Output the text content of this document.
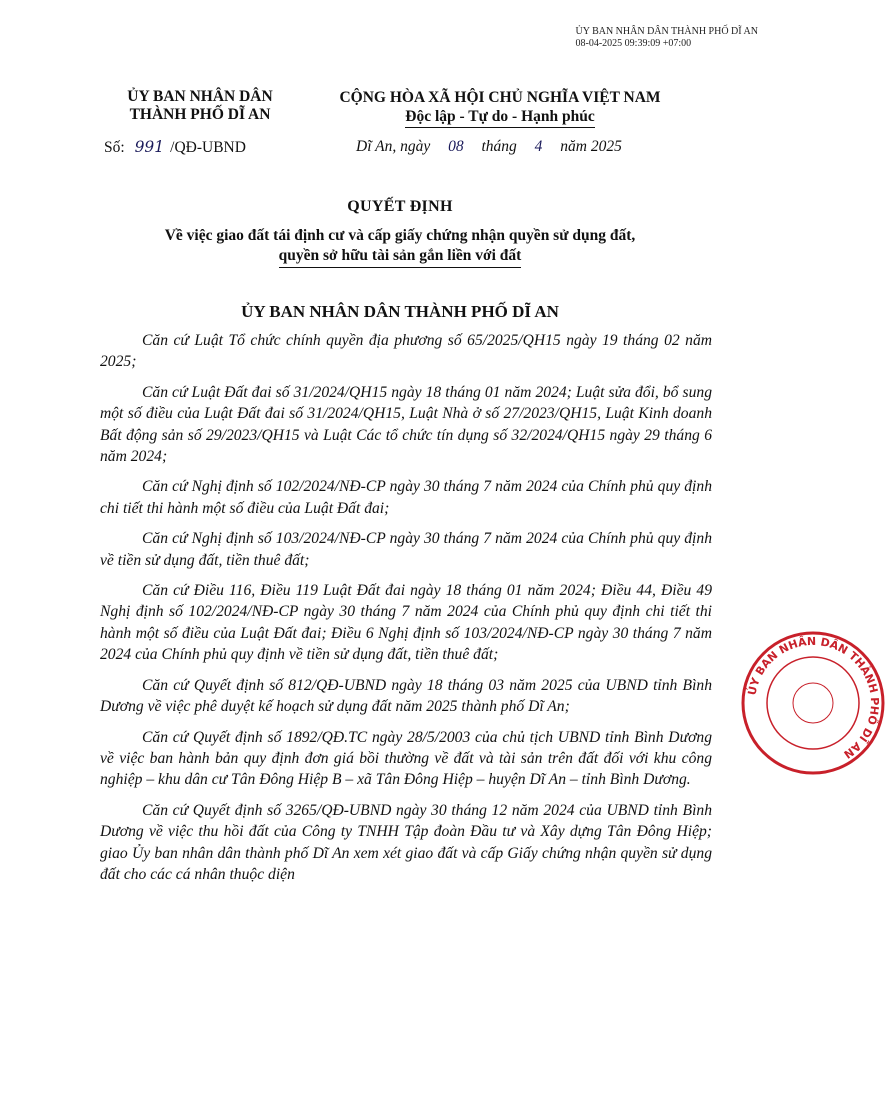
ỦY BAN NHÂN DÂN THÀNH PHỐ DĨ AN
08-04-2025 09:39:09 +07:00
ỦY BAN NHÂN DÂN
THÀNH PHỐ DĨ AN
CỘNG HÒA XÃ HỘI CHỦ NGHĨA VIỆT NAM
Độc lập - Tự do - Hạnh phúc
Số: 991 /QĐ-UBND	Dĩ An, ngày 08 tháng 4 năm 2025
QUYẾT ĐỊNH
Về việc giao đất tái định cư và cấp giấy chứng nhận quyền sử dụng đất,
quyền sở hữu tài sản gắn liền với đất
ỦY BAN NHÂN DÂN THÀNH PHỐ DĨ AN

Căn cứ Luật Tổ chức chính quyền địa phương số 65/2025/QH15 ngày 19 tháng 02 năm 2025;

Căn cứ Luật Đất đai số 31/2024/QH15 ngày 18 tháng 01 năm 2024; Luật sửa đổi, bổ sung một số điều của Luật Đất đai số 31/2024/QH15, Luật Nhà ở số 27/2023/QH15, Luật Kinh doanh Bất động sản số 29/2023/QH15 và Luật Các tổ chức tín dụng số 32/2024/QH15 ngày 29 tháng 6 năm 2024;

Căn cứ Nghị định số 102/2024/NĐ-CP ngày 30 tháng 7 năm 2024 của Chính phủ quy định chi tiết thi hành một số điều của Luật Đất đai;

Căn cứ Nghị định số 103/2024/NĐ-CP ngày 30 tháng 7 năm 2024 của Chính phủ quy định về tiền sử dụng đất, tiền thuê đất;

Căn cứ Điều 116, Điều 119 Luật Đất đai ngày 18 tháng 01 năm 2024; Điều 44, Điều 49 Nghị định số 102/2024/NĐ-CP ngày 30 tháng 7 năm 2024 của Chính phủ quy định chi tiết thi hành một số điều của Luật Đất đai; Điều 6 Nghị định số 103/2024/NĐ-CP ngày 30 tháng 7 năm 2024 của Chính phủ quy định về tiền sử dụng đất, tiền thuê đất;

Căn cứ Quyết định số 812/QĐ-UBND ngày 18 tháng 03 năm 2025 của UBND tỉnh Bình Dương về việc phê duyệt kế hoạch sử dụng đất năm 2025 thành phố Dĩ An;

Căn cứ Quyết định số 1892/QĐ.TC ngày 28/5/2003 của chủ tịch UBND tỉnh Bình Dương về việc ban hành bản quy định đơn giá bồi thường về đất và tài sản trên đất đối với khu công nghiệp – khu dân cư Tân Đông Hiệp B – xã Tân Đông Hiệp – huyện Dĩ An – tỉnh Bình Dương.

Căn cứ Quyết định số 3265/QĐ-UBND ngày 30 tháng 12 năm 2024 của UBND tỉnh Bình Dương về việc thu hồi đất của Công ty TNHH Tập đoàn Đầu tư và Xây dựng Tân Đông Hiệp; giao Ủy ban nhân dân thành phố Dĩ An xem xét giao đất và cấp Giấy chứng nhận quyền sử dụng đất cho các cá nhân thuộc diện

ỦY BAN NHÂN DÂN THÀNH PHỐ DĨ AN
